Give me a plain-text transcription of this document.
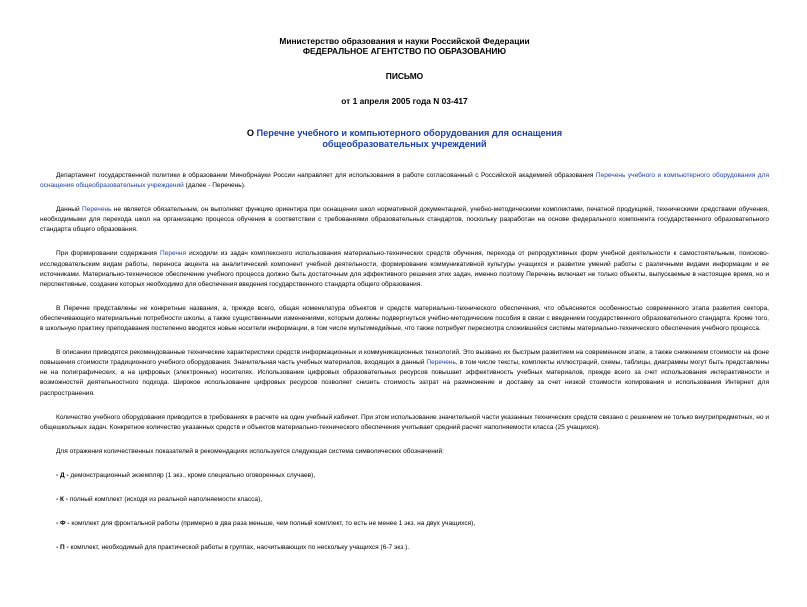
Министерство образования и науки Российской Федерации
ФЕДЕРАЛЬНОЕ АГЕНТСТВО ПО ОБРАЗОВАНИЮ
ПИСЬМО
от 1 апреля 2005 года N 03-417
О Перечне учебного и компьютерного оборудования для оснащения
общеобразовательных учреждений

Департамент государственной политики в образовании Минобрнауки России направляет для использования в работе согласованный с Российской академией образования Перечень учебного и компьютерного оборудования для оснащения общеобразовательных учреждений (далее - Перечень).

Данный Перечень не является обязательным, он выполняет функцию ориентира при оснащении школ нормативной документацией, учебно-методическими комплектами, печатной продукцией, техническими средствами обучения, необходимыми для перехода школ на организацию процесса обучения в соответствии с требованиями образовательных стандартов, поскольку разработан на основе федерального компонента государственного образовательного стандарта общего образования.

При формировании содержания Перечня исходили из задач комплексного использования материально-технических средств обучения, перехода от репродуктивных форм учебной деятельности к самостоятельным, поисково-исследовательским видам работы, переноса акцента на аналитический компонент учебной деятельности, формирование коммуникативной культуры учащихся и развитие умений работы с различными видами информации и ее источниками. Материально-техническое обеспечение учебного процесса должно быть достаточным для эффективного решения этих задач, именно поэтому Перечень включает не только объекты, выпускаемые в настоящее время, но и перспективные, создание которых необходимо для обеспечения введения государственного стандарта общего образования.

В Перечне представлены не конкретные названия, а, прежде всего, общая номенклатура объектов и средств материально-технического обеспечения, что объясняется особенностью современного этапа развития сектора, обеспечивающего материальные потребности школы, а также существенными изменениями, которым должны подвергнуться учебно-методические пособия в связи с введением государственного образовательного стандарта. Кроме того, в школьную практику преподавания постепенно вводятся новые носители информации, в том числе мультимедийные, что также потребует пересмотра сложившейся системы материально-технического обеспечения учебного процесса.

В описании приводятся рекомендованные технические характеристики средств информационных и коммуникационных технологий. Это вызвано их быстрым развитием на современном этапе, а также снижением стоимости на фоне повышения стоимости традиционного учебного оборудования. Значительная часть учебных материалов, входящих в данный Перечень, в том числе тексты, комплекты иллюстраций, схемы, таблицы, диаграммы могут быть представлены не на полиграфических, а на цифровых (электронных) носителях. Использование цифровых образовательных ресурсов повышает эффективность учебных материалов, прежде всего за счет использования интерактивности и возможностей деятельностного подхода. Широкое использование цифровых ресурсов позволяет снизить стоимость затрат на размножение и доставку за счет низкой стоимости копирования и использования Интернет для распространения.

Количество учебного оборудования приводится в требованиях в расчете на один учебный кабинет. При этом использование значительной части указанных технических средств связано с решением не только внутрипредметных, но и общешкольных задач. Конкретное количество указанных средств и объектов материально-технического обеспечения учитывает средний расчет наполняемости класса (25 учащихся).

Для отражения количественных показателей в рекомендациях используется следующая система символических обозначений:

- Д - демонстрационный экземпляр (1 экз., кроме специально оговоренных случаев),
- К - полный комплект (исходя из реальной наполняемости класса),
- Ф - комплект для фронтальной работы (примерно в два раза меньше, чем полный комплект, то есть не менее 1 экз. на двух учащихся),
- П - комплект, необходимый для практической работы в группах, насчитывающих по нескольку учащихся (6-7 экз.).
